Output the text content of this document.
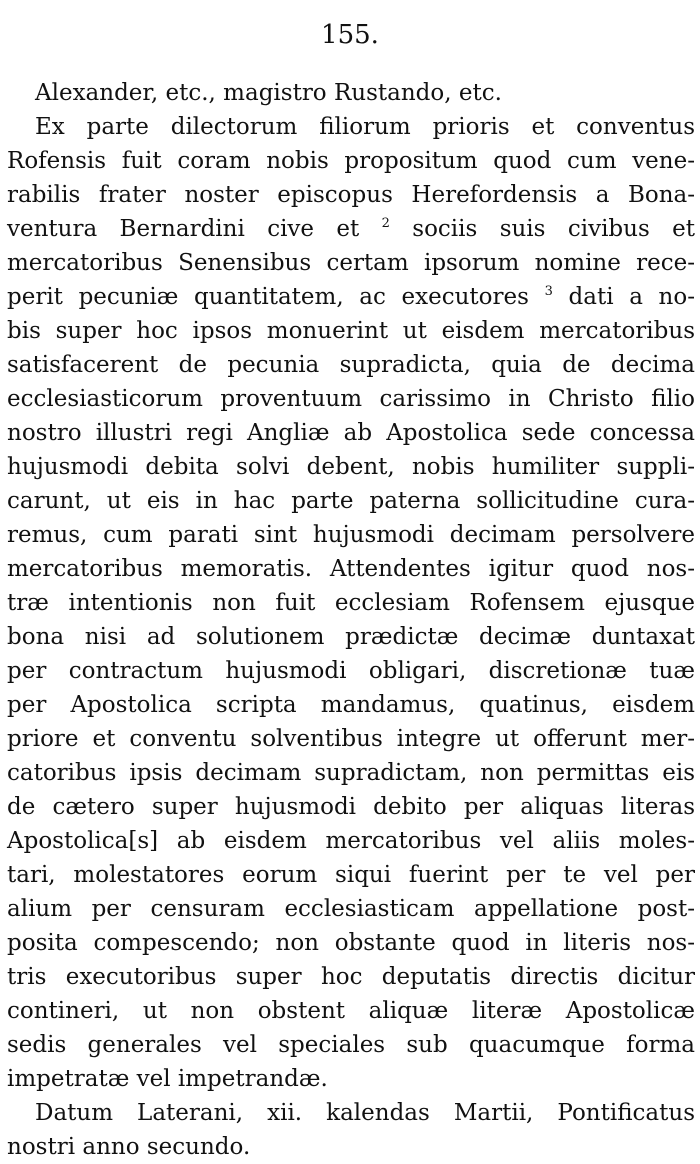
155.
Alexander, etc., magistro Rustando, etc.
Ex parte dilectorum filiorum prioris et conventus
Rofensis fuit coram nobis propositum quod cum vene-
rabilis frater noster episcopus Herefordensis a Bona-
ventura Bernardini cive et $^2$ sociis suis civibus et
mercatoribus Senensibus certam ipsorum nomine rece-
perit pecuniæ quantitatem, ac executores $^3$ dati a no-
bis super hoc ipsos monuerint ut eisdem mercatoribus
satisfacerent de pecunia supradicta, quia de decima
ecclesiasticorum proventuum carissimo in Christo filio
nostro illustri regi Angliæ ab Apostolica sede concessa
hujusmodi debita solvi debent, nobis humiliter suppli-
carunt, ut eis in hac parte paterna sollicitudine cura-
remus, cum parati sint hujusmodi decimam persolvere
mercatoribus memoratis. Attendentes igitur quod nos-
træ intentionis non fuit ecclesiam Rofensem ejusque
bona nisi ad solutionem prædictæ decimæ duntaxat
per contractum hujusmodi obligari, discretionæ tuæ
per Apostolica scripta mandamus, quatinus, eisdem
priore et conventu solventibus integre ut offerunt mer-
catoribus ipsis decimam supradictam, non permittas eis
de cætero super hujusmodi debito per aliquas literas
Apostolica[s] ab eisdem mercatoribus vel aliis moles-
tari, molestatores eorum siqui fuerint per te vel per
alium per censuram ecclesiasticam appellatione post-
posita compescendo; non obstante quod in literis nos-
tris executoribus super hoc deputatis directis dicitur
contineri, ut non obstent aliquæ literæ Apostolicæ
sedis generales vel speciales sub quacumque forma
impetratæ vel impetrandæ.
Datum Laterani, xii. kalendas Martii, Pontificatus
nostri anno secundo.
